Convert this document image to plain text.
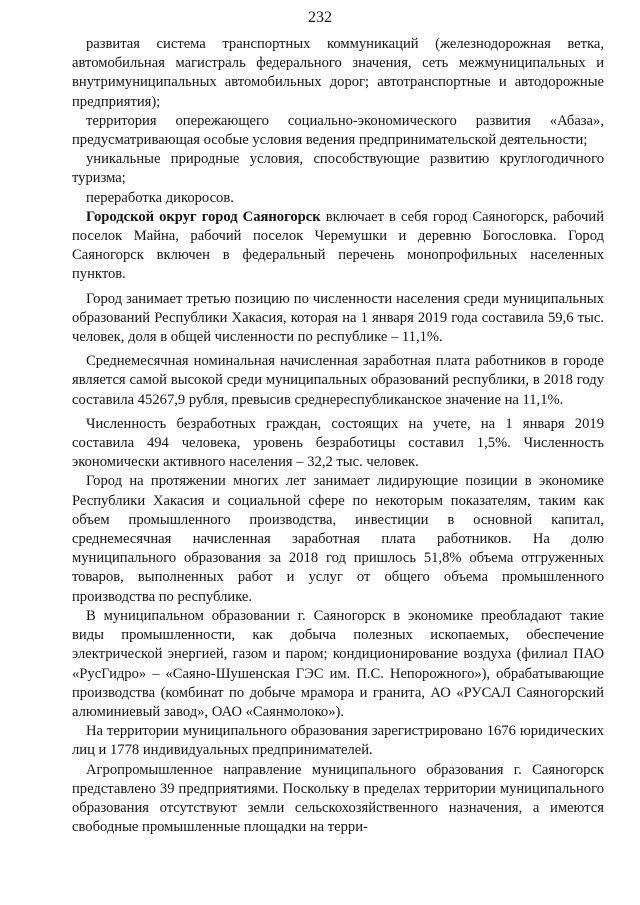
232

развитая система транспортных коммуникаций (железнодорожная ветка, автомобильная магистраль федерального значения, сеть межмуниципальных и внутримуниципальных автомобильных дорог; автотранспортные и автодорожные предприятия);

территория опережающего социально-экономического развития «Абаза», предусматривающая особые условия ведения предпринимательской деятельности;

уникальные природные условия, способствующие развитию круглогодичного туризма;

переработка дикоросов.

Городской округ город Саяногорск включает в себя город Саяногорск, рабочий поселок Майна, рабочий поселок Черемушки и деревню Богословка. Город Саяногорск включен в федеральный перечень монопрофильных населенных пунктов.

Город занимает третью позицию по численности населения среди муниципальных образований Республики Хакасия, которая на 1 января 2019 года составила 59,6 тыс. человек, доля в общей численности по республике – 11,1%.

Среднемесячная номинальная начисленная заработная плата работников в городе является самой высокой среди муниципальных образований республики, в 2018 году составила 45267,9 рубля, превысив среднереспубликанское значение на 11,1%.

Численность безработных граждан, состоящих на учете, на 1 января 2019 составила 494 человека, уровень безработицы составил 1,5%. Численность экономически активного населения – 32,2 тыс. человек.

Город на протяжении многих лет занимает лидирующие позиции в экономике Республики Хакасия и социальной сфере по некоторым показателям, таким как объем промышленного производства, инвестиции в основной капитал, среднемесячная начисленная заработная плата работников. На долю муниципального образования за 2018 год пришлось 51,8% объема отгруженных товаров, выполненных работ и услуг от общего объема промышленного производства по республике.

В муниципальном образовании г. Саяногорск в экономике преобладают такие виды промышленности, как добыча полезных ископаемых, обеспечение электрической энергией, газом и паром; кондиционирование воздуха (филиал ПАО «РусГидро» – «Саяно-Шушенская ГЭС им. П.С. Непорожного»), обрабатывающие производства (комбинат по добыче мрамора и гранита, АО «РУСАЛ Саяногорский алюминиевый завод», ОАО «Саянмолоко»).

На территории муниципального образования зарегистрировано 1676 юридических лиц и 1778 индивидуальных предпринимателей.

Агропромышленное направление муниципального образования г. Саяногорск представлено 39 предприятиями. Поскольку в пределах территории муниципального образования отсутствуют земли сельскохозяйственного назначения, а имеются свободные промышленные площадки на терри-
